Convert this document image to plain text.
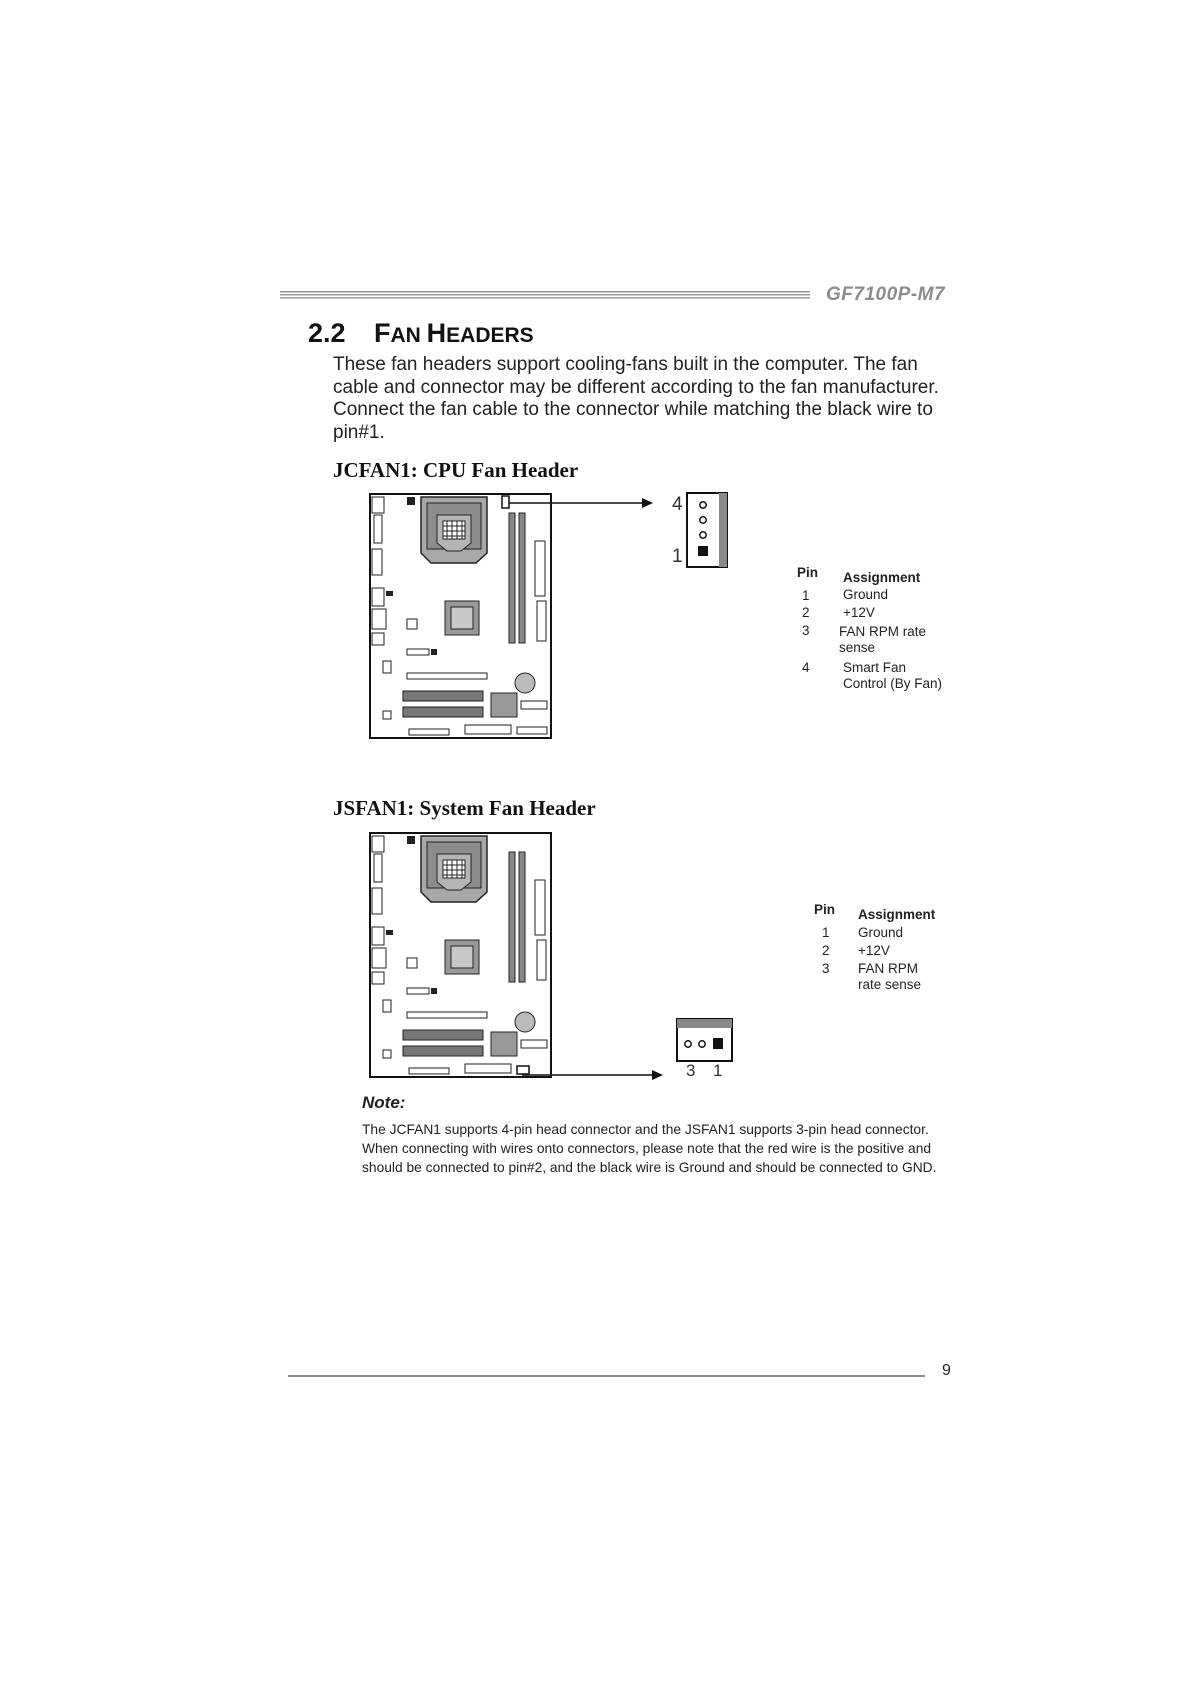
GF7100P-M7
2.2 FAN HEADERS
These fan headers support cooling-fans built in the computer. The fan cable and connector may be different according to the fan manufacturer. Connect the fan cable to the connector while matching the black wire to pin#1.
JCFAN1: CPU Fan Header
4
1
Pin Assignment
1 Ground
2 +12V
3 FAN RPM rate
sense
4 Smart Fan
Control (By Fan)
JSFAN1: System Fan Header
3 1
Pin Assignment
1 Ground
2 +12V
3 FAN RPM
rate sense
Note:
The JCFAN1 supports 4-pin head connector and the JSFAN1 supports 3-pin head connector. When connecting with wires onto connectors, please note that the red wire is the positive and should be connected to pin#2, and the black wire is Ground and should be connected to GND.
9
